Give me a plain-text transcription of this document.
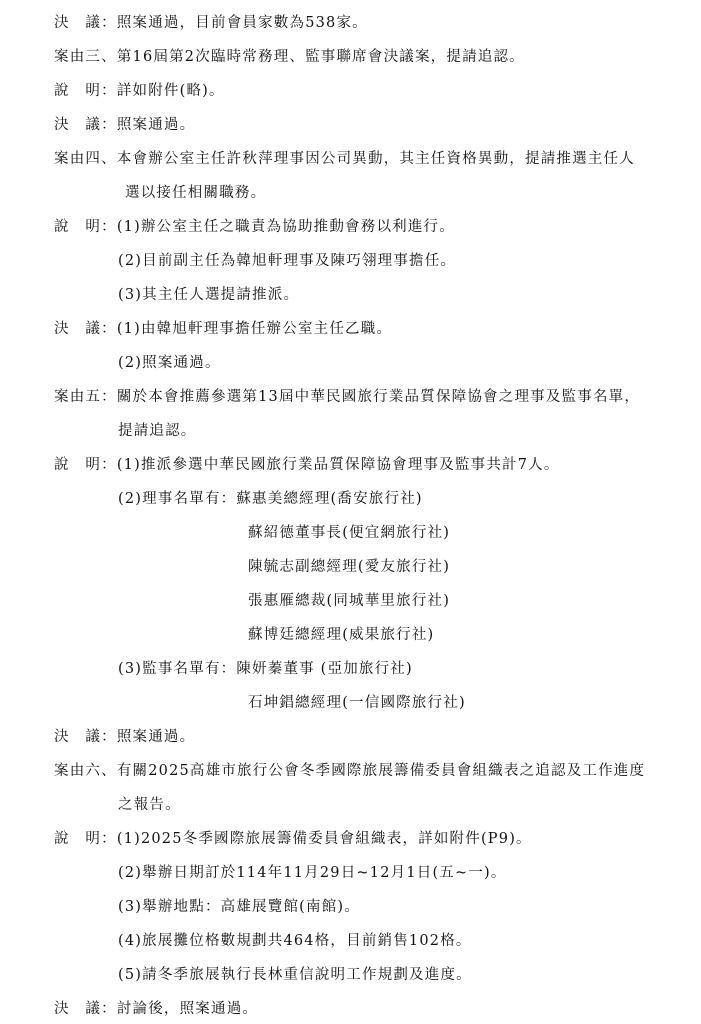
決　議：照案通過，目前會員家數為538家。
案由三、第16屆第2次臨時常務理、監事聯席會決議案，提請追認。
說　明：詳如附件(略)。
決　議：照案通過。
案由四、本會辦公室主任許秋萍理事因公司異動，其主任資格異動，提請推選主任人
選以接任相關職務。
說　明：(1)辦公室主任之職責為協助推動會務以利進行。
(2)目前副主任為韓旭軒理事及陳巧翎理事擔任。
(3)其主任人選提請推派。
決　議：(1)由韓旭軒理事擔任辦公室主任乙職。
(2)照案通過。
案由五：關於本會推薦參選第13屆中華民國旅行業品質保障協會之理事及監事名單，
提請追認。
說　明：(1)推派參選中華民國旅行業品質保障協會理事及監事共計7人。
(2)理事名單有：蘇惠美總經理(喬安旅行社)
蘇紹德董事長(便宜網旅行社)
陳毓志副總經理(愛友旅行社)
張惠雁總裁(同城華里旅行社)
蘇博廷總經理(威果旅行社)
(3)監事名單有：陳妍蓁董事 (亞加旅行社)
石坤錩總經理(一信國際旅行社)
決　議：照案通過。
案由六、有關2025高雄市旅行公會冬季國際旅展籌備委員會組織表之追認及工作進度
之報告。
說　明：(1)2025冬季國際旅展籌備委員會組織表，詳如附件(P9)。
(2)舉辦日期訂於114年11月29日~12月1日(五~一)。
(3)舉辦地點：高雄展覽館(南館)。
(4)旅展攤位格數規劃共464格，目前銷售102格。
(5)請冬季旅展執行長林重信說明工作規劃及進度。
決　議：討論後，照案通過。
